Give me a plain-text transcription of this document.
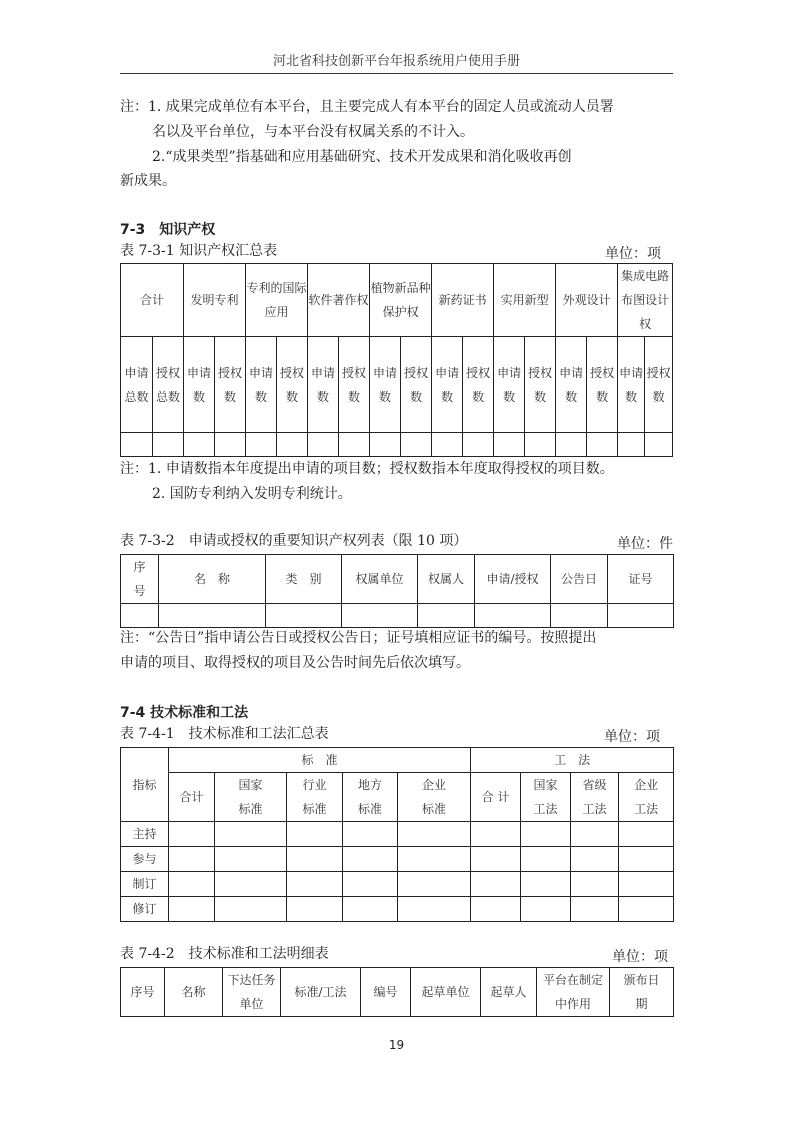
河北省科技创新平台年报系统用户使用手册
注：1. 成果完成单位有本平台，且主要完成人有本平台的固定人员或流动人员署
名以及平台单位，与本平台没有权属关系的不计入。
2.“成果类型”指基础和应用基础研究、技术开发成果和消化吸收再创
新成果。
7-3　知识产权
表 7-3-1 知识产权汇总表	单位：项
合计		发明专利		专利的国际应用		软件著作权		植物新品种保护权		新药证书		实用新型		外观设计		集成电路布图设计权	
申请总数	授权总数	申请数	授权数	申请数	授权数	申请数	授权数	申请数	授权数	申请数	授权数	申请数	授权数	申请数	授权数	申请数	授权数

注：1. 申请数指本年度提出申请的项目数；授权数指本年度取得授权的项目数。
2. 国防专利纳入发明专利统计。
表 7-3-2　申请或授权的重要知识产权列表（限 10 项）	单位：件
序号	名　称	类　别	权属单位	权属人	申请/授权	公告日	证号

注：“公告日”指申请公告日或授权公告日；证号填相应证书的编号。按照提出
申请的项目、取得授权的项目及公告时间先后依次填写。
7-4 技术标准和工法
表 7-4-1　技术标准和工法汇总表	单位：项
指标	标　准					工　法			
	合计	国家标准	行业标准	地方标准	企业标准	合 计	国家工法	省级工法	企业工法
主持									
参与									
制订									
修订									
表 7-4-2　技术标准和工法明细表	单位：项
序号	名称	下达任务单位	标准/工法	编号	起草单位	起草人	平台在制定中作用	颁布日期
19
